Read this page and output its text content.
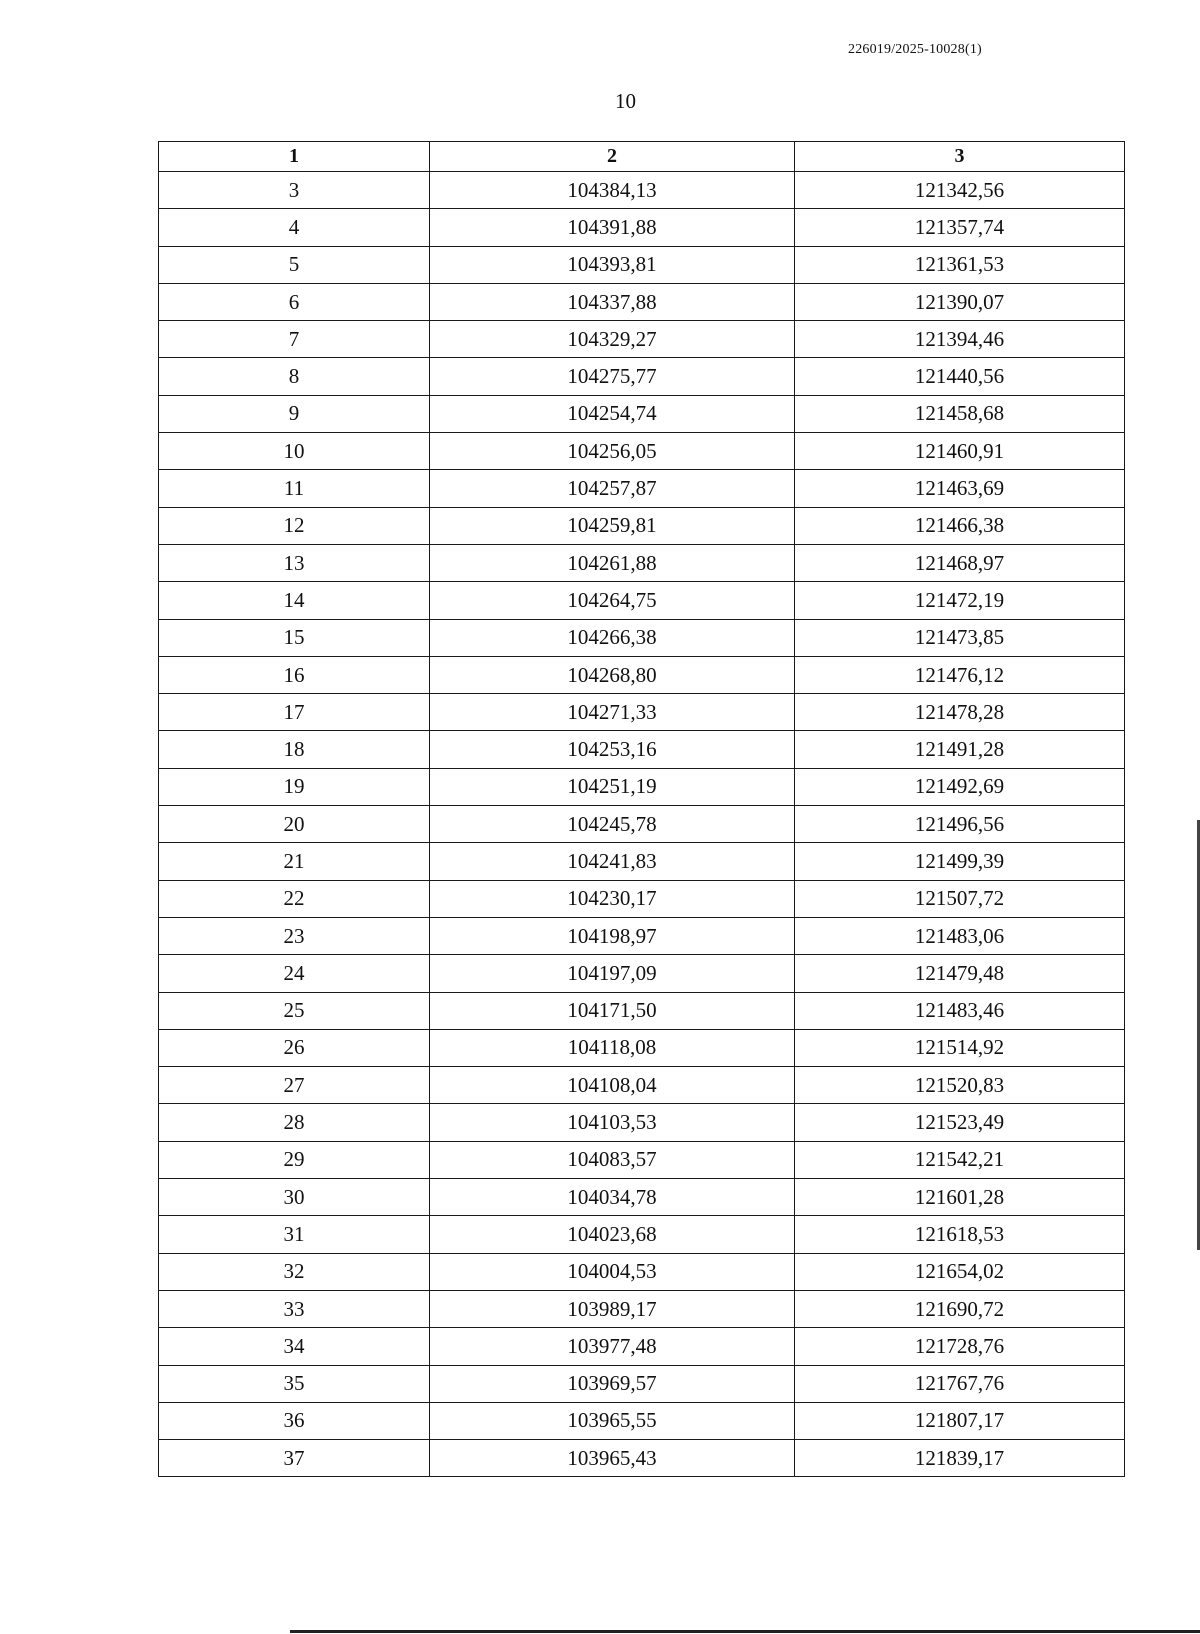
226019/2025-10028(1)
10
1	2	3
3	104384,13	121342,56
4	104391,88	121357,74
5	104393,81	121361,53
6	104337,88	121390,07
7	104329,27	121394,46
8	104275,77	121440,56
9	104254,74	121458,68
10	104256,05	121460,91
11	104257,87	121463,69
12	104259,81	121466,38
13	104261,88	121468,97
14	104264,75	121472,19
15	104266,38	121473,85
16	104268,80	121476,12
17	104271,33	121478,28
18	104253,16	121491,28
19	104251,19	121492,69
20	104245,78	121496,56
21	104241,83	121499,39
22	104230,17	121507,72
23	104198,97	121483,06
24	104197,09	121479,48
25	104171,50	121483,46
26	104118,08	121514,92
27	104108,04	121520,83
28	104103,53	121523,49
29	104083,57	121542,21
30	104034,78	121601,28
31	104023,68	121618,53
32	104004,53	121654,02
33	103989,17	121690,72
34	103977,48	121728,76
35	103969,57	121767,76
36	103965,55	121807,17
37	103965,43	121839,17
